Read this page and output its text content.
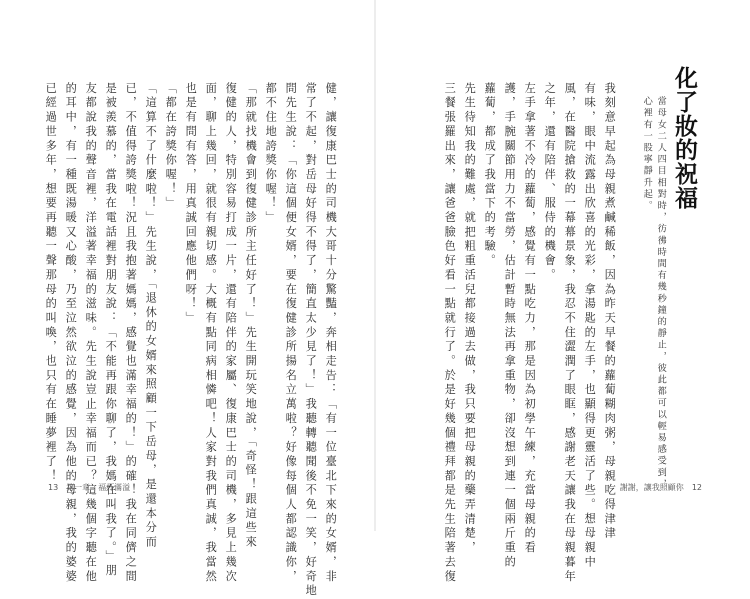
健，讓復康巴士的司機大哥十分驚豔，奔相走告：「有一位臺北下來的女婿，非
常了不起，對岳母好得不得了，簡直太少見了！」我聽轉聽聞後不免一笑，好奇地
問先生說：「你這個便女婿，要在復健診所揚名立萬啦？好像每個人都認識你，
都不住地誇獎你喔！」
「那就找機會到復健診所主任好了！」先生開玩笑地說，「奇怪！跟這些來
復健的人，特別容易打成一片，還有陪伴的家屬、復康巴士的司機，多見上幾次
面，聊上幾回，就很有親切感。大概有點同病相憐吧！人家對我們真誠，我當然
也是有問有答，用真誠回應他們呀！」
「都在誇獎你喔！」
「這算不了什麼啦！」先生說，「退休的女婿來照顧一下岳母，是還本分而
已，不值得誇獎啦！況且我抱著媽媽，感覺也滿幸福的！」的確！我在同儕之間
是被羨慕的，當我在電話裡對朋友說：「不能再跟你聊了，我媽在叫我了。」朋
友都說我的聲音裡，洋溢著幸福的滋味。先生說豈止幸福而已？這幾個字聽在他
的耳中，有一種既湯暖又心酸，乃至泣然欲泣的感覺，因為他的母親，我的婆婆
已經過世多年，想要再聽一聲那母的叫喚，也只有在睡夢裡了！
13 第一章　福杯滿溢
化了妝的祝福
當母女二人四目相對時，彷彿時間有幾秒鐘的靜止，彼此都可以輕易感受到，
心裡有一股寧靜升起。
我刻意早起為母親煮鹹稀飯，因為昨天早餐的蘿蔔糊肉粥，母親吃得津津
有味，眼中流露出欣喜的光彩，拿湯匙的左手，也顯得更靈活了些。想母親中
風，在醫院搶救的一幕幕景象，我忍不住澀潤了眼眶，感謝老天讓我在母親暮年
之年，還有陪伴、服侍的機會。
左手拿著不冷的蘿蔔，感覺有一點吃力，那是因為初學午練，充當母親的看
護，手腕關節用力不當勞，估計暫時無法再拿重物，卻沒想到連一個兩斤重的
蘿蔔，都成了我當下的考驗。
先生待知我的難處，就把粗重活兒都接過去做，我只要把母親的藥弄清楚，
三餐張羅出來，讓爸爸臉色好看一點就行了。於是好幾個禮拜都是先生陪著去復	謝謝，讓我照顧你 12
